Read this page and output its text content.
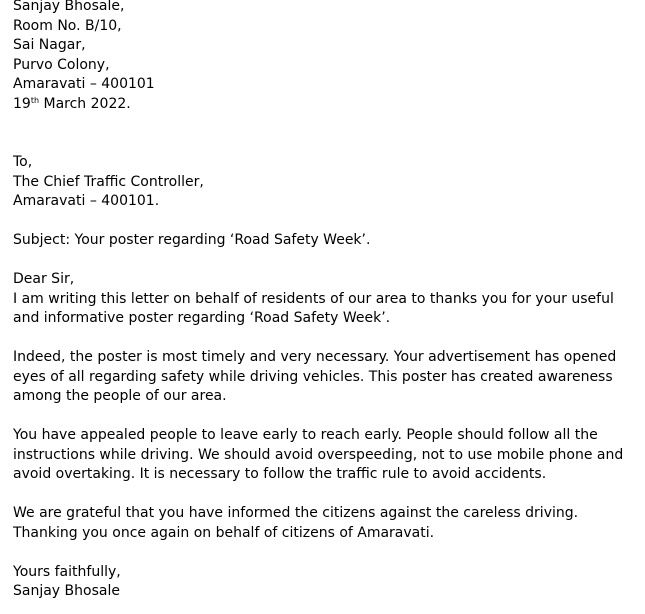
Sanjay Bhosale,
Room No. B/10,
Sai Nagar,
Purvo Colony,
Amaravati – 400101
19th March 2022.
To,
The Chief Traffic Controller,
Amaravati – 400101.
Subject: Your poster regarding ‘Road Safety Week’.
Dear Sir,
I am writing this letter on behalf of residents of our area to thanks you for your useful
and informative poster regarding ‘Road Safety Week’.
Indeed, the poster is most timely and very necessary. Your advertisement has opened
eyes of all regarding safety while driving vehicles. This poster has created awareness
among the people of our area.
You have appealed people to leave early to reach early. People should follow all the
instructions while driving. We should avoid overspeeding, not to use mobile phone and
avoid overtaking. It is necessary to follow the traffic rule to avoid accidents.
We are grateful that you have informed the citizens against the careless driving.
Thanking you once again on behalf of citizens of Amaravati.
Yours faithfully,
Sanjay Bhosale
